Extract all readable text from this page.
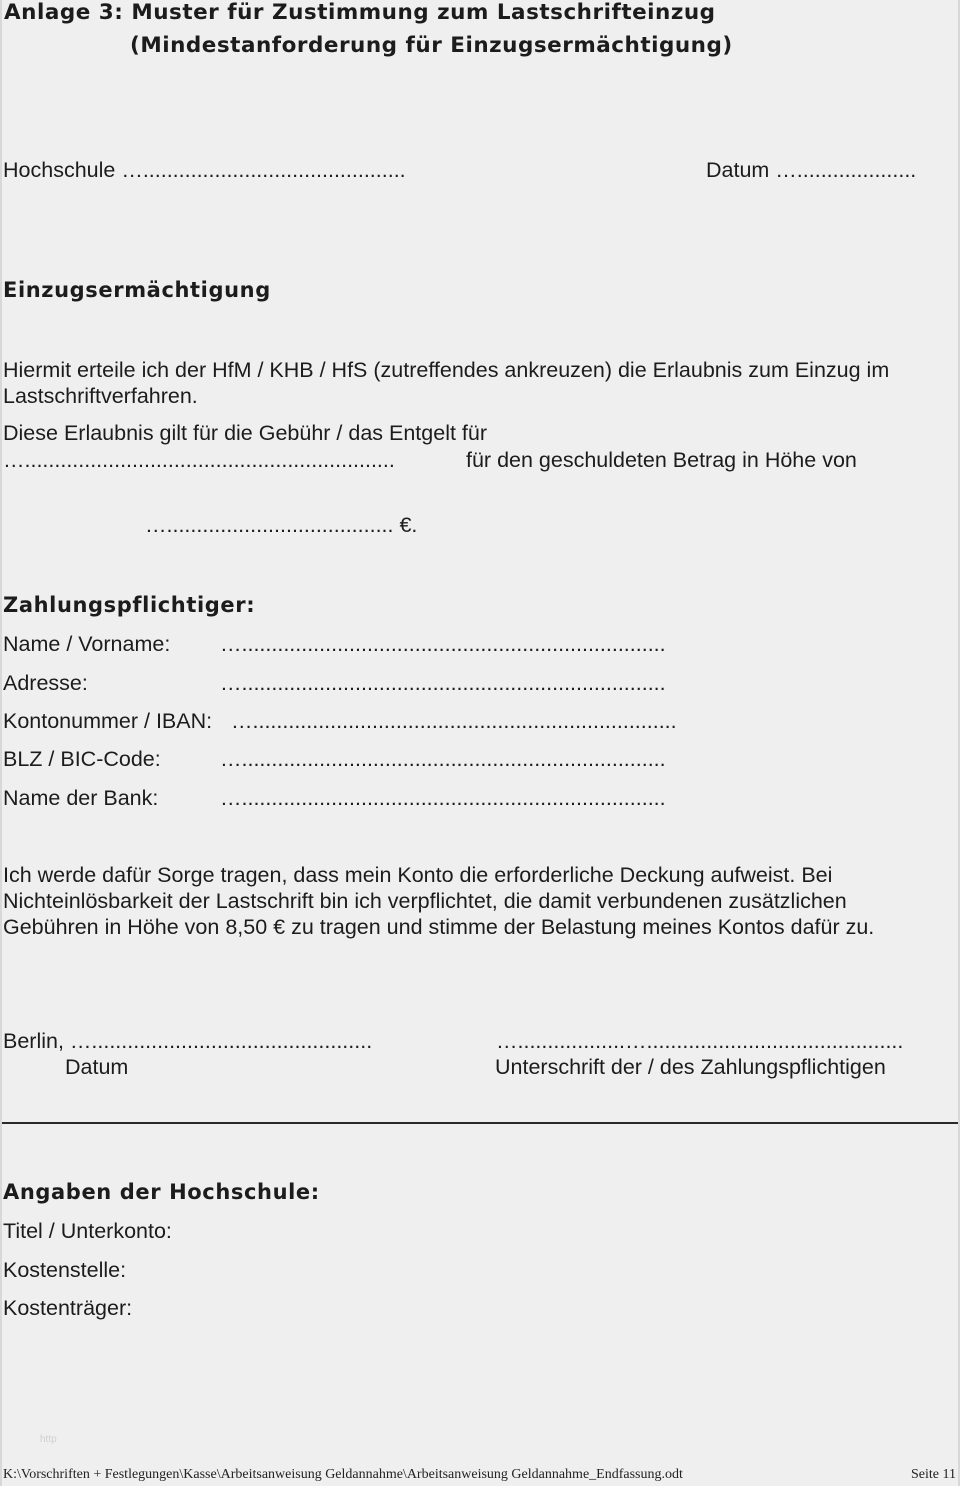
Anlage 3: Muster für Zustimmung zum Lastschrifteinzug
(Mindestanforderung für Einzugsermächtigung)
Hochschule …............................................	Datum …....................
Einzugsermächtigung
Hiermit erteile ich der HfM / KHB / HfS (zutreffendes ankreuzen) die Erlaubnis zum Einzug im Lastschriftverfahren.
Diese Erlaubnis gilt für die Gebühr / das Entgelt für
…..............................................................	für den geschuldeten Betrag in Höhe von
…...................................... €.
Zahlungspflichtiger:
Name / Vorname: ….......................................................................
Adresse:	….......................................................................
Kontonummer / IBAN: ….......................................................................
BLZ / BIC-Code:	….......................................................................
Name der Bank:	….......................................................................
Ich werde dafür Sorge tragen, dass mein Konto die erforderliche Deckung aufweist. Bei Nichteinlösbarkeit der Lastschrift bin ich verpflichtet, die damit verbundenen zusätzlichen Gebühren in Höhe von 8,50 € zu tragen und stimme der Belastung meines Kontos dafür zu.
Berlin, …...............................................
Datum
…..................…...........................................
Unterschrift der / des Zahlungspflichtigen
Angaben der Hochschule:
Titel / Unterkonto:
Kostenstelle:
Kostenträger:
http
K:\Vorschriften + Festlegungen\Kasse\Arbeitsanweisung Geldannahme\Arbeitsanweisung Geldannahme_Endfassung.odt	Seite 11
